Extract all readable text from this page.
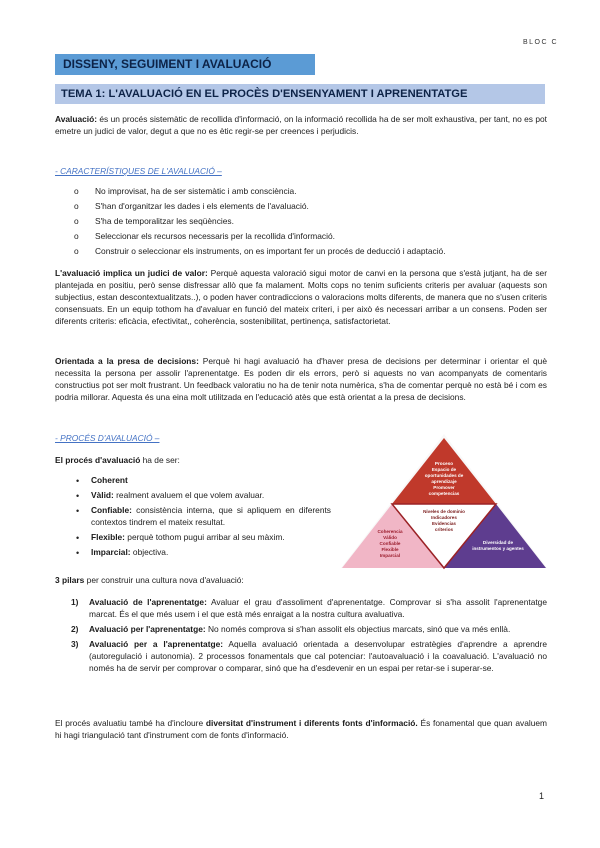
BLOC C
DISSENY, SEGUIMENT I AVALUACIÓ
TEMA 1: L'AVALUACIÓ EN EL PROCÈS D'ENSENYAMENT I APRENENTATGE
Avaluació: és un procés sistemàtic de recollida d'informació, on la informació recollida ha de ser molt exhaustiva, per tant, no es pot emetre un judici de valor, degut a que no es ètic regir-se per creences i perjudicis.
- CARACTERÍSTIQUES DE L'AVALUACIÓ –
o No improvisat, ha de ser sistemàtic i amb consciència.
o S'han d'organitzar les dades i els elements de l'avaluació.
o S'ha de temporalitzar les seqüències.
o Seleccionar els recursos necessaris per la recollida d'informació.
o Construir o seleccionar els instruments, on es important fer un procés de deducció i adaptació.
L'avaluació implica un judici de valor: Perquè aquesta valoració sigui motor de canvi en la persona que s'està jutjant, ha de ser plantejada en positiu, però sense disfressar allò que fa malament. Molts cops no tenim suficients criteris per avaluar (aquests son subjectius, estan descontextualitzats..), o poden haver contradiccions o valoracions molts diferents, de manera que no s'usen criteris consensuats. En un equip tothom ha d'avaluar en funció del mateix criteri, i per això és necessari arribar a un consens. Poden ser diferents criteris: eficàcia, efectivitat,, coherència, sostenibilitat, pertinença, satisfactorietat.
Orientada a la presa de decisions: Perquè hi hagi avaluació ha d'haver presa de decisions per determinar i orientar el què necessita la persona per assolir l'aprenentatge. Es poden dir els errors, però si aquests no van acompanyats de comentaris constructius pot ser molt frustrant. Un feedback valoratiu no ha de tenir nota numèrica, s'ha de comentar perquè no està bé i com es podria millorar. Aquesta és una eina molt utilitzada en l'educació atès que està orientat a la presa de decisions.
- PROCÉS D'AVALUACIÓ –
El procés d'avaluació ha de ser:
• Coherent
• Vàlid: realment avaluem el que volem avaluar.
• Confiable: consistència interna, que si apliquem en diferents contextos tindrem el mateix resultat.
• Flexible: perquè tothom pugui arribar al seu màxim.
• Imparcial: objectiva.
Proceso
Espacio de
oportunidades de
aprendizaje
Promover
competencias
Niveles de dominio
Indicadores
Evidencias
criterios
Coherencia
Válido
Confiable
Flexible
Imparcial
Diversidad de
instrumentos y agentes
3 pilars per construir una cultura nova d'avaluació:
1) Avaluació de l'aprenentatge: Avaluar el grau d'assoliment d'aprenentatge. Comprovar si s'ha assolit l'aprenentatge marcat. És el que més usem i el que està més enraigat a la nostra cultura avaluativa.
2) Avaluació per l'aprenentatge: No només comprova si s'han assolit els objectius marcats, sinó que va més enllà.
3) Avaluació per a l'aprenentatge: Aquella avaluació orientada a desenvolupar estratègies d'aprendre a aprendre (autoregulació i autonomia). 2 processos fonamentals que cal potenciar: l'autoavaluació i la coavaluació. L'avaluació no només ha de servir per comprovar o comparar, sinó que ha d'esdevenir en un espai per retar-se i superar-se.
El procés avaluatiu també ha d'incloure diversitat d'instrument i diferents fonts d'informació. És fonamental que quan avaluem hi hagi triangulació tant d'instrument com de fonts d'informació.
1
